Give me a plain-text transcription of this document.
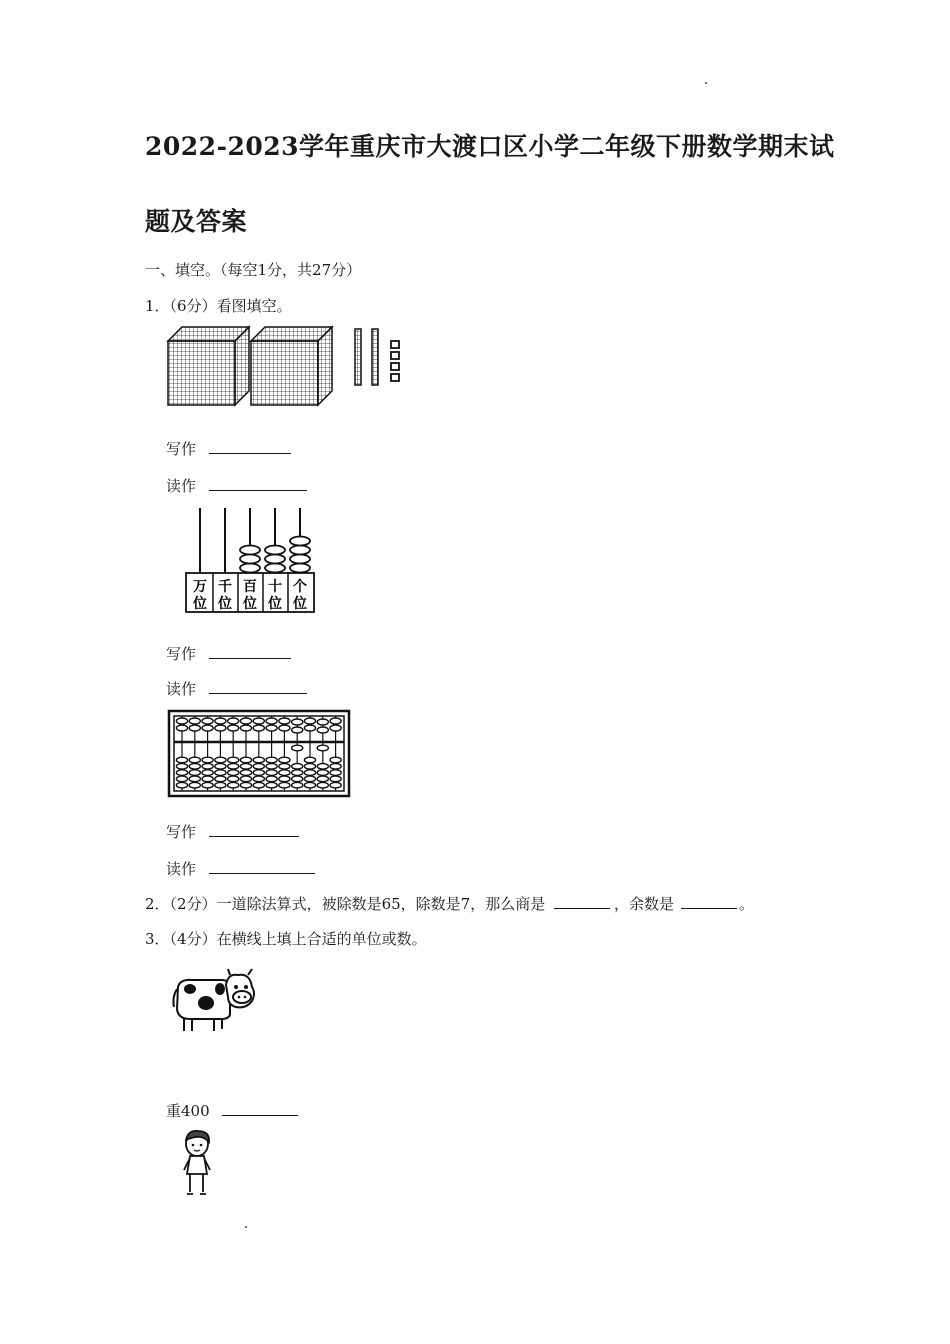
2022-2023学年重庆市大渡口区小学二年级下册数学期末试
题及答案
一、填空。（每空1分，共27分）
1．（6分）看图填空。
写作
读作
万
位
千
位
百
位
十
位
个
位
写作
读作
写作
读作
2．（2分）一道除法算式，被除数是65，除数是7，那么商是	，余数是	。
3．（4分）在横线上填上合适的单位或数。
重400
